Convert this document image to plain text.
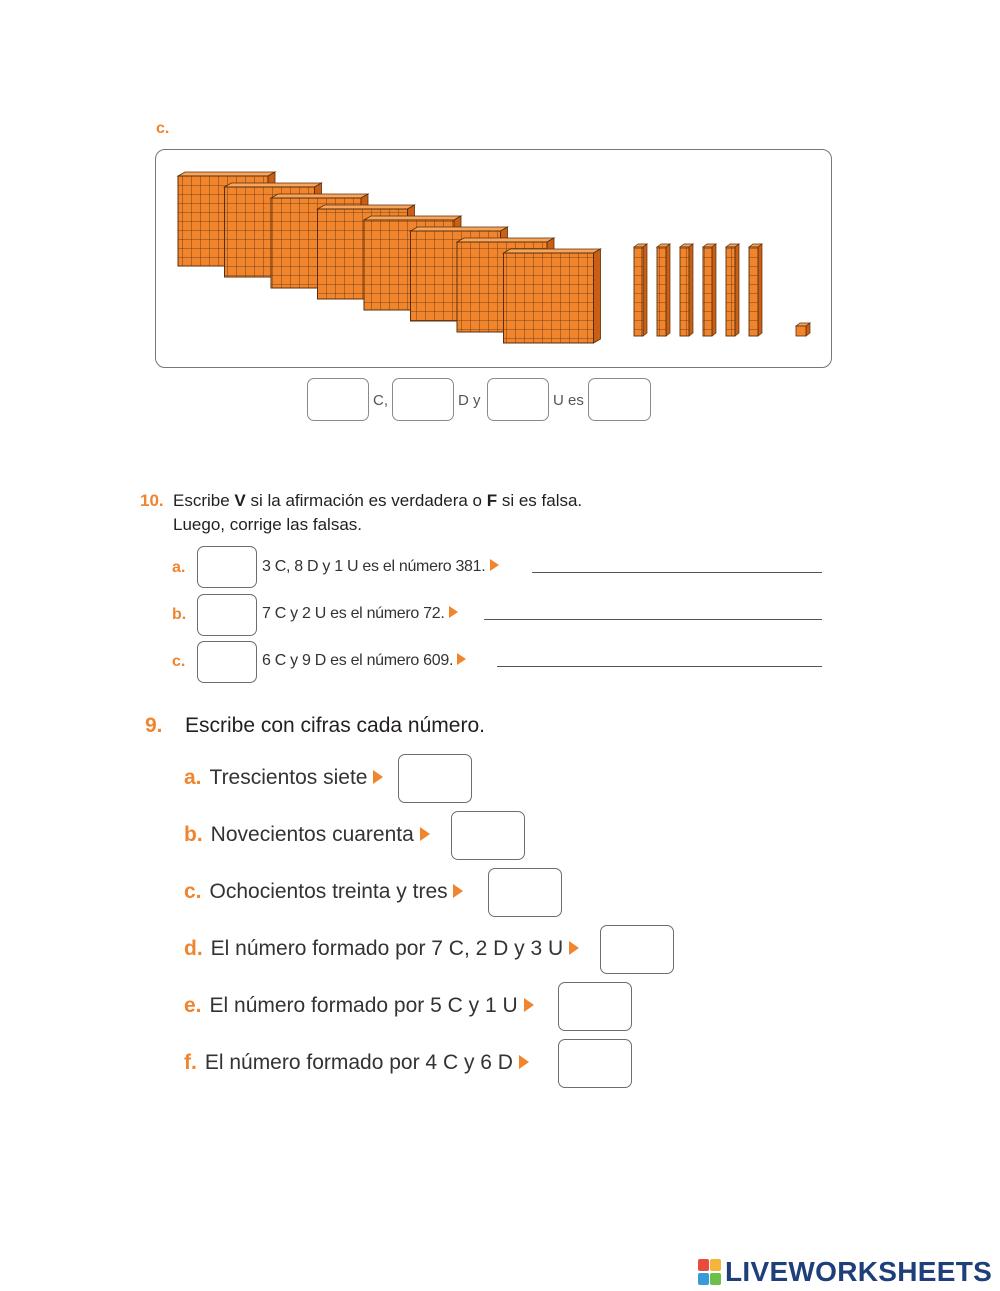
c.
C,	D y	U es
10. Escribe V si la afirmación es verdadera o F si es falsa.
Luego, corrige las falsas.
a.	3 C, 8 D y 1 U es el número 381.
b.	7 C y 2 U es el número 72.
c.	6 C y 9 D es el número 609.
9. Escribe con cifras cada número.
a. Trescientos siete
b. Novecientos cuarenta
c. Ochocientos treinta y tres
d. El número formado por 7 C, 2 D y 3 U
e. El número formado por 5 C y 1 U
f. El número formado por 4 C y 6 D
LIVEWORKSHEETS
